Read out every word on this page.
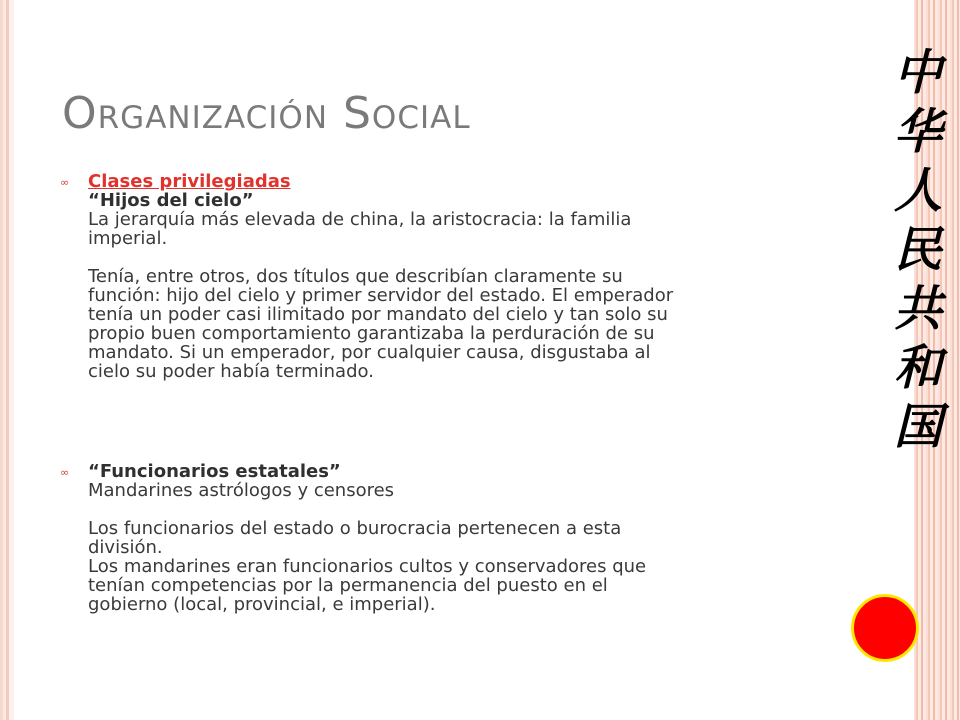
Organización Social
∞ Clases privilegiadas
“Hijos del cielo”
La jerarquía más elevada de china, la aristocracia: la familia
imperial.
Tenía, entre otros, dos títulos que describían claramente su
función: hijo del cielo y primer servidor del estado. El emperador
tenía un poder casi ilimitado por mandato del cielo y tan solo su
propio buen comportamiento garantizaba la perduración de su
mandato. Si un emperador, por cualquier causa, disgustaba al
cielo su poder había terminado.
∞ “Funcionarios estatales”
Mandarines astrólogos y censores
Los funcionarios del estado o burocracia pertenecen a esta
división.
Los mandarines eran funcionarios cultos y conservadores que
tenían competencias por la permanencia del puesto en el
gobierno (local, provincial, e imperial).
中
华
人
民
共
和
国
